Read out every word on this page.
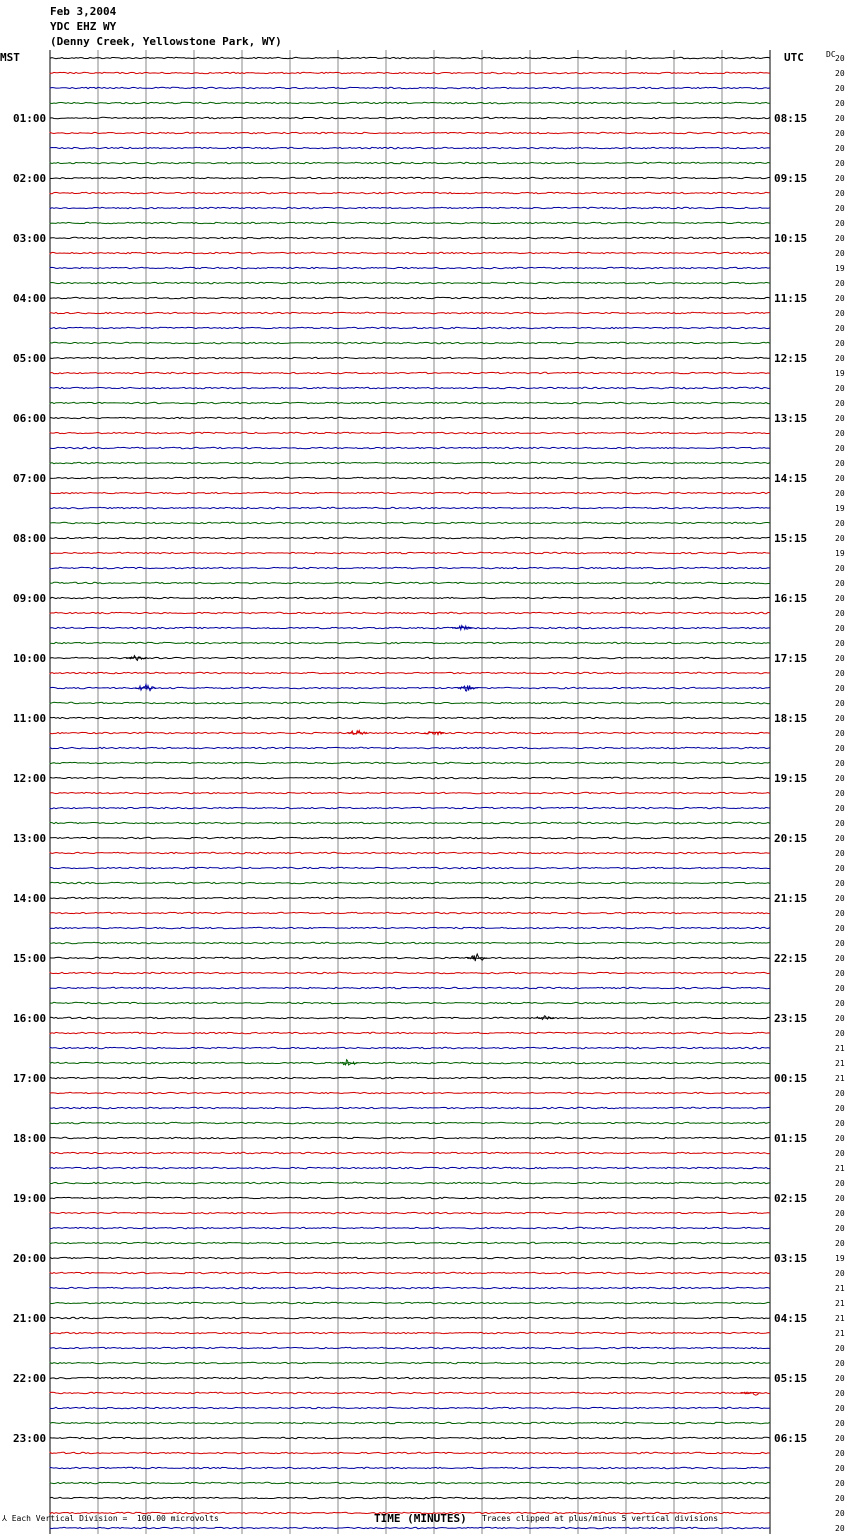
Feb 3,2004
YDC EHZ WY
(Denny Creek, Yellowstone Park, WY)
MST	UTC	DC
01:00
02:00
03:00
04:00
05:00
06:00
07:00
08:00
09:00
10:00
11:00
12:00
13:00
14:00
15:00
16:00
17:00
18:00
19:00
20:00
21:00
22:00
23:00
08:15
09:15
10:15
11:15
12:15
13:15
14:15
15:15
16:15
17:15
18:15
19:15
20:15
21:15
22:15
23:15
00:15
01:15
02:15
03:15
04:15
05:15
06:15
20
20
20
20
20
20
20
20
20
20
20
20
20
20
19
20
20
20
20
20
20
19
20
20
20
20
20
20
20
20
19
20
20
19
20
20
20
20
20
20
20
20
20
20
20
20
20
20
20
20
20
20
20
20
20
20
20
20
20
20
20
20
20
20
20
20
21
21
21
20
20
20
20
20
21
20
20
20
20
20
19
20
21
21
21
21
20
20
20
20
20
20
20
20
20
20
20
20
20
TIME (MINUTES)
⅄ Each Vertical Division =  100.00 microvolts	Traces clipped at plus/minus 5 vertical divisions
